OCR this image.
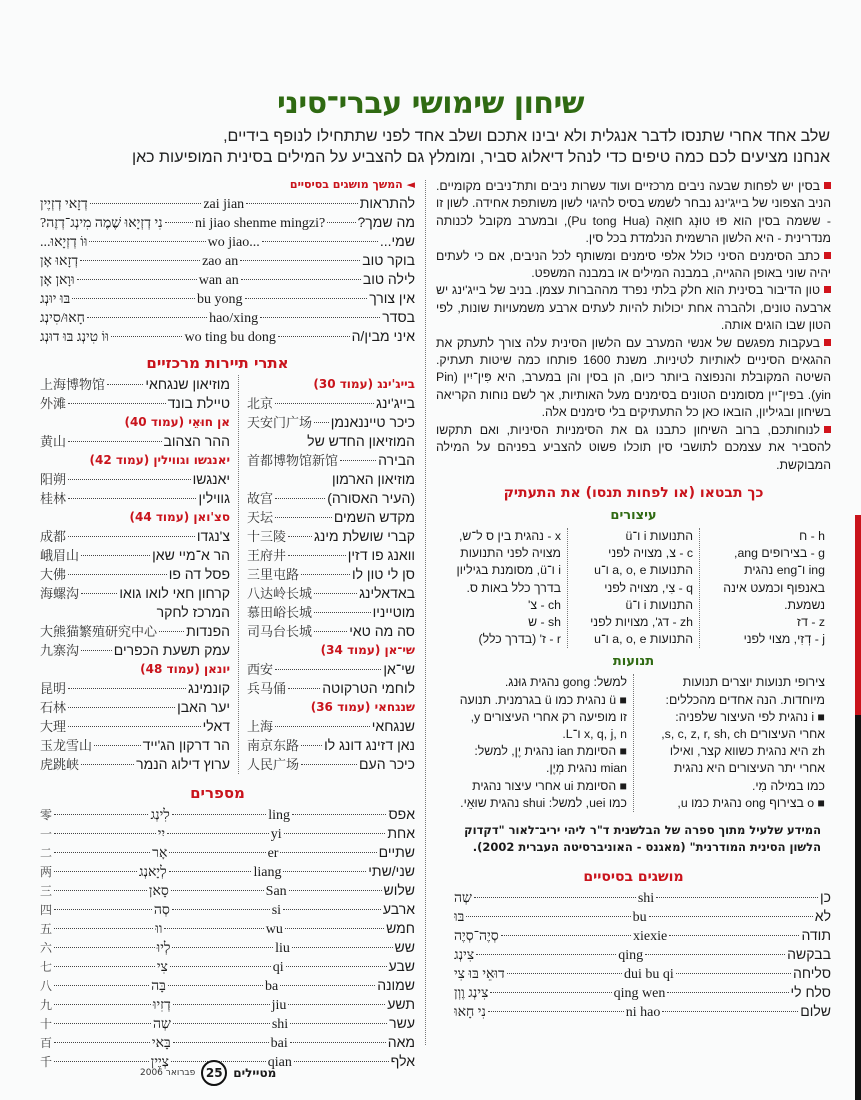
שיחון שימושי עברי־סיני
שלב אחד אחרי שתנסו לדבר אנגלית ולא יבינו אתכם ושלב אחד לפני שתתחילו לנופף בידיים,
אנחנו מציעים לכם כמה טיפים כדי לנהל דיאלוג סביר, ומומלץ גם להצביע על המילים בסינית המופיעות כאן

בסין יש לפחות שבעה ניבים מרכזיים ועוד עשרות ניבים ותת־ניבים מקומיים. הניב הצפוני של בייג'ינג נבחר לשמש בסיס להיגוי לשון משותפת אחידה. לשון זו - ששמה בסין הוא פּוּ טוּנְג חוּאָה (Pu tong Hua), ובמערב מקובל לכנותה מנדרינית - היא הלשון הרשמית הנלמדת בכל סין.

כתב הסימנים הסיני כולל אלפי סימנים ומשותף לכל הניבים, אם כי לעתים יהיה שוני באופן ההגייה, במבנה המילים או במבנה המשפט.

טון הדיבור בסינית הוא חלק בלתי נפרד מההברות עצמן. בניב של בייג'ינג יש ארבעה טונים, ולהברה אחת יכולות להיות לעתים ארבע משמעויות שונות, לפי הטון שבו הוגים אותה.

בעקבות מפגשם של אנשי המערב עם הלשון הסינית עלה צורך לתעתק את ההגאים הסיניים לאותיות לטיניות. משנת 1600 פותחו כמה שיטות תעתיק. השיטה המקובלת והנפוצה ביותר כיום, הן בסין והן במערב, היא פִּין־יִין (Pin yin). בפין־יין מסומנים הטונים בסימנים מעל האותיות, אך לשם נוחות הקריאה בשיחון ובגיליון, הובאו כאן כל התעתיקים בלי סימנים אלה.

לנוחותכם, ברוב השיחון כתבנו גם את הסימניות הסיניות, ואם תתקשו להסביר את עצמכם לתושבי סין תוכלו פשוט להצביע בפניהם על המילה המבוקשת.

כך תבטאו (או לפחות תנסו) את התעתיק
עיצורים
h - ח
g - בצירופים ang,
ing ו־eng נהגית
באנפוף וכמעט אינה
נשמעת.
z - דז
j - דְזִי, מצוי לפני
התנועות i ו־ü
c - צ, מצויה לפני
התנועות a, o, e ו־u
q - צִי, מצויה לפני
התנועות i ו־ü
zh - דג', מצויות לפני
התנועות a, o, e ו־u
x - נהגית בין ס ל־ש,
מצויה לפני התנועות
i ו־ü, מסומנת בגיליון
בדרך כלל באות ס.
ch - צ'
sh - ש
r - ז' (בדרך כלל)
תנועות
צירופי תנועות יוצרים תנועות
מיוחדות. הנה אחדים מהכללים:
■ i נהגית לפי העיצור שלפניה:
אחרי העיצורים s, c, z, r, sh, ch,
zh היא נהגית כשווא קצר, ואילו
אחרי יתר העיצורים היא נהגית
כמו במילה מִי.
■ o בצירוף ong נהגית כמו u,
למשל: gong נהגית גוּנג.
■ ü נהגית כמו ü בגרמנית. תנועה
זו מופיעה רק אחרי העיצורים y,
x, q, j, n ו־L.
■ הסיומת ian נהגית יֶן, למשל:
mian נהגית מְיֶן.
■ הסיומת ui אחרי עיצור נהגית
כמו uei, למשל: shui נהגית שוּאֵי.
המידע שלעיל מתוך ספרה של הבלשנית ד"ר ליהי יריב־לאור "דקדוק הלשון הסינית המודרנית" (מאגנס - האוניברסיטה העברית 2002).
מושגים בסיסיים
כן
shi
שְה
לא
bu
בּוּ
תודה
xiexie
סְיֶה־סְיֶה
בבקשה
qing
צִינְג
סליחה
dui bu qi
דוּאֵי בּוּ צִי
סלח לי
qing wen
צִינְג וֶוְן
שלום
ni hao
נִי חָאוּ
◄ המשך מושגים בסיסיים
להתראות
zai jian
דְזָאי דְזְיֶין
מה שמך?
ni jiao shenme mingzi?
נִי דְזְיָאוּ שֶׁמֶה מִינְג־דְזֶה?
שמי...
wo jiao...
וּוֹ דְזְיָאוּ...
בוקר טוב
zao an
דְזָאוּ אָן
לילה טוב
wan an
וּוָאן אָן
אין צורך
bu yong
בּוּ יוּנְג
בסדר
hao/xing
חָאוּ/סִינְג
איני מבין/ה
wo ting bu dong
וּוֹ טִינְג בּוּ דוּנְג
אתרי תיירות מרכזיים
בייג'ינג (עמוד 30)
בייג'ינג
北京
כיכר טייננאנמן
天安门广场
המוזיאון החדש של
הבירה
首都博物馆新馆
מוזיאון הארמון
(העיר האסורה)
故宫
מקדש השמים
天坛
קברי שושלת מינג
十三陵
וואנג פו דזין
王府井
סן לי טון לו
三里屯路
באדאלינג
八达岭长城
מוטייניו
慕田峪长城
סה מה טאי
司马台长城
שי־אן (עמוד 34)
שי־אן
西安
לוחמי הטרקוטה
兵马俑
שנגחאי (עמוד 36)
שנגחאי
上海
נאן דזינג דונג לו
南京东路
כיכר העם
人民广场
מוזיאון שנגחאי
上海博物馆
טיילת בונד
外滩
אן חוּאֵי (עמוד 40)
ההר הצהוב
黄山
יאנגשו וגווילין (עמוד 42)
יאנגשו
阳朔
גווילין
桂林
סצ'ואן (עמוד 44)
צ'נגדו
成都
הר א־מיי שאן
峨眉山
פסל דה פו
大佛
קרחון חאי לואו גואו
海螺沟
המרכז לחקר
הפנדות
大熊猫繁殖研究中心
עמק תשעת הכפרים
九寨沟
יונאן (עמוד 48)
קונמינג
昆明
יער האבן
石林
דאלי
大理
הר דרקון הג'ייד
玉龙雪山
ערוץ דילוג הנמר
虎跳峡
מספרים
אפס
ling
לִינְג
零
אחת
yi
יִי
一
שתיים
er
אָר
二
שני/שתי
liang
לְיָאנְג
两
שלוש
San
סָאן
三
ארבע
si
סְה
四
חמש
wu
ווּ
五
שש
liu
לְיוּ
六
שבע
qi
צִי
七
שמונה
ba
בָּה
八
תשע
jiu
דְזִיוּ
九
עשר
shi
שְה
十
מאה
bai
בָּאי
百
אלף
qian
צְיֶין
千
מטיילים
25
פברואר 2006
